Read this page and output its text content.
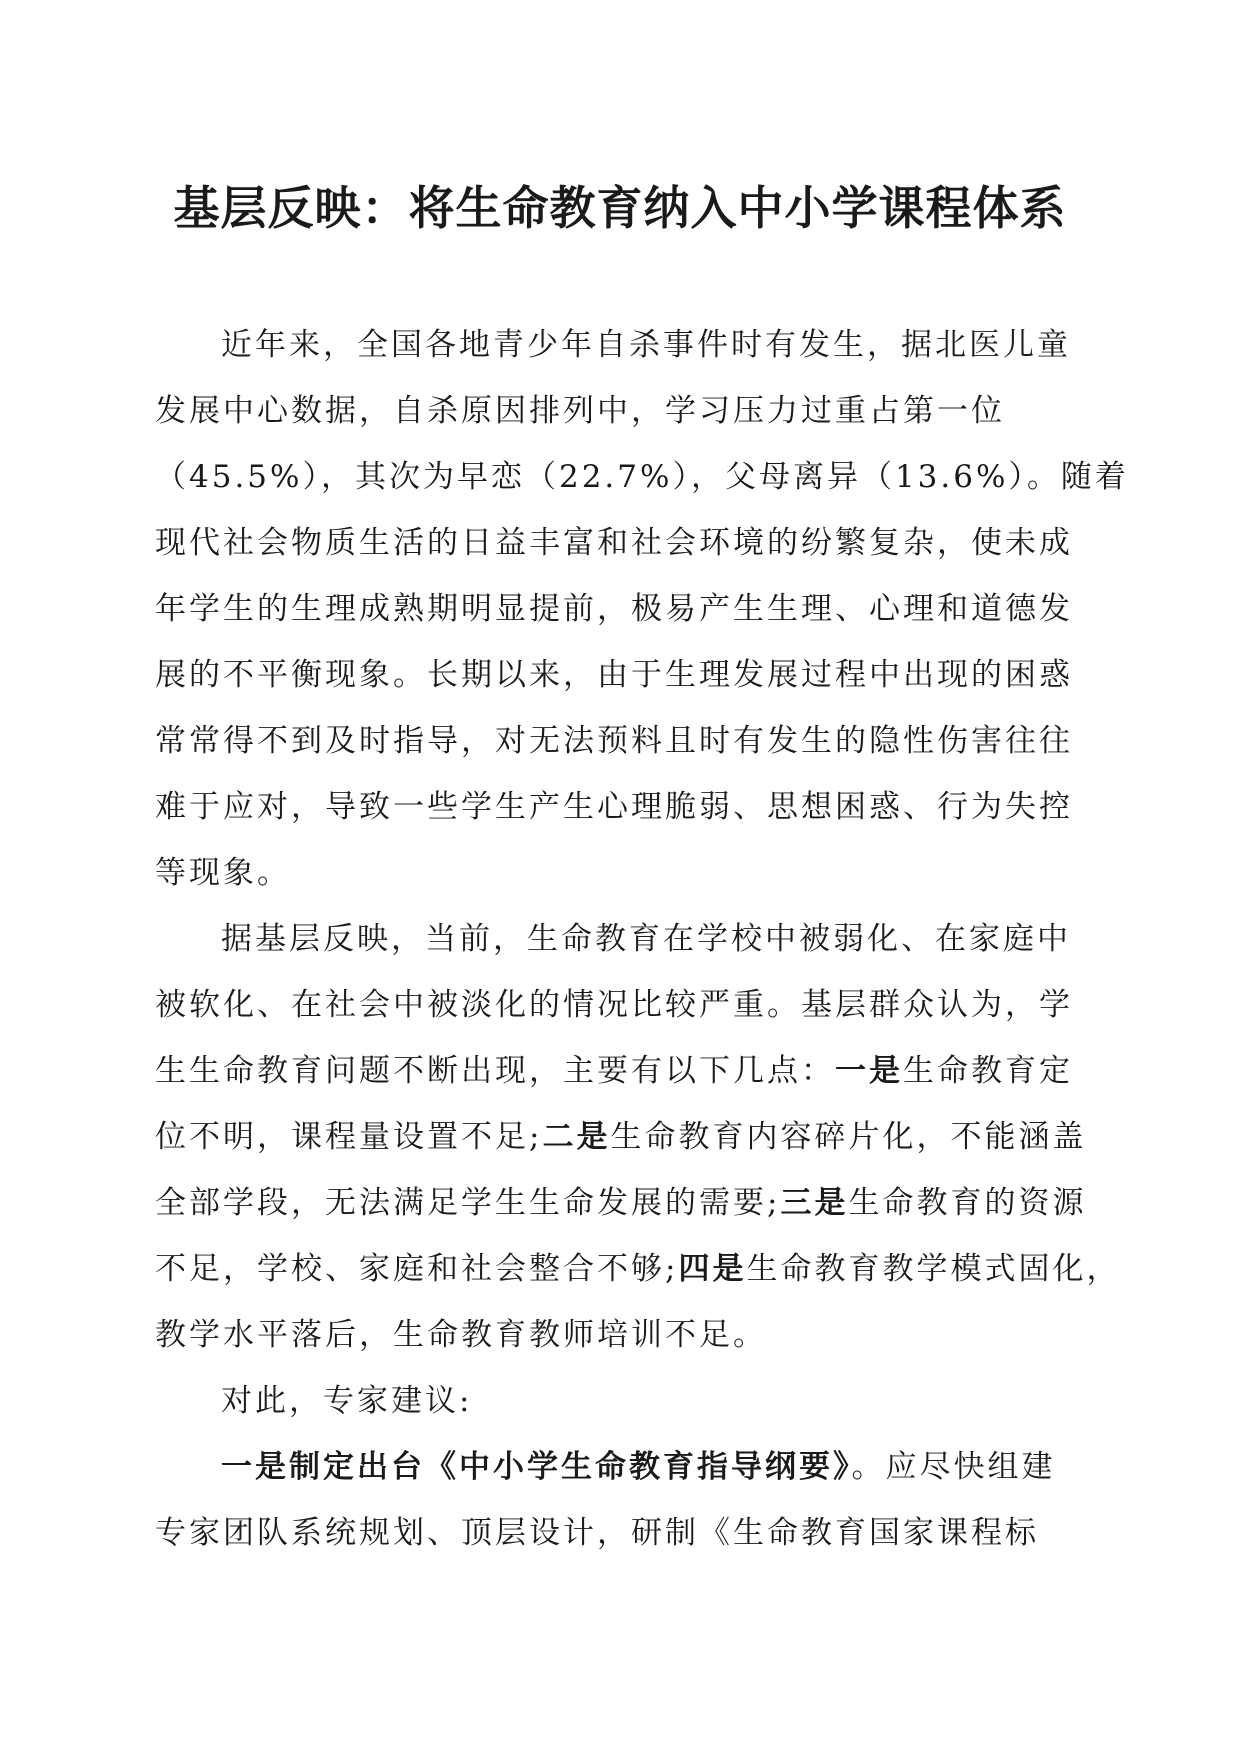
基层反映：将生命教育纳入中小学课程体系
近年来，全国各地青少年自杀事件时有发生，据北医儿童
发展中心数据，自杀原因排列中，学习压力过重占第一位
（45.5%），其次为早恋（22.7%），父母离异（13.6%）。随着
现代社会物质生活的日益丰富和社会环境的纷繁复杂，使未成
年学生的生理成熟期明显提前，极易产生生理、心理和道德发
展的不平衡现象。长期以来，由于生理发展过程中出现的困惑
常常得不到及时指导，对无法预料且时有发生的隐性伤害往往
难于应对，导致一些学生产生心理脆弱、思想困惑、行为失控
等现象。
据基层反映，当前，生命教育在学校中被弱化、在家庭中
被软化、在社会中被淡化的情况比较严重。基层群众认为，学
生生命教育问题不断出现，主要有以下几点：一是生命教育定
位不明，课程量设置不足;二是生命教育内容碎片化，不能涵盖
全部学段，无法满足学生生命发展的需要;三是生命教育的资源
不足，学校、家庭和社会整合不够;四是生命教育教学模式固化，
教学水平落后，生命教育教师培训不足。
对此，专家建议:
一是制定出台《中小学生命教育指导纲要》。应尽快组建
专家团队系统规划、顶层设计，研制《生命教育国家课程标
